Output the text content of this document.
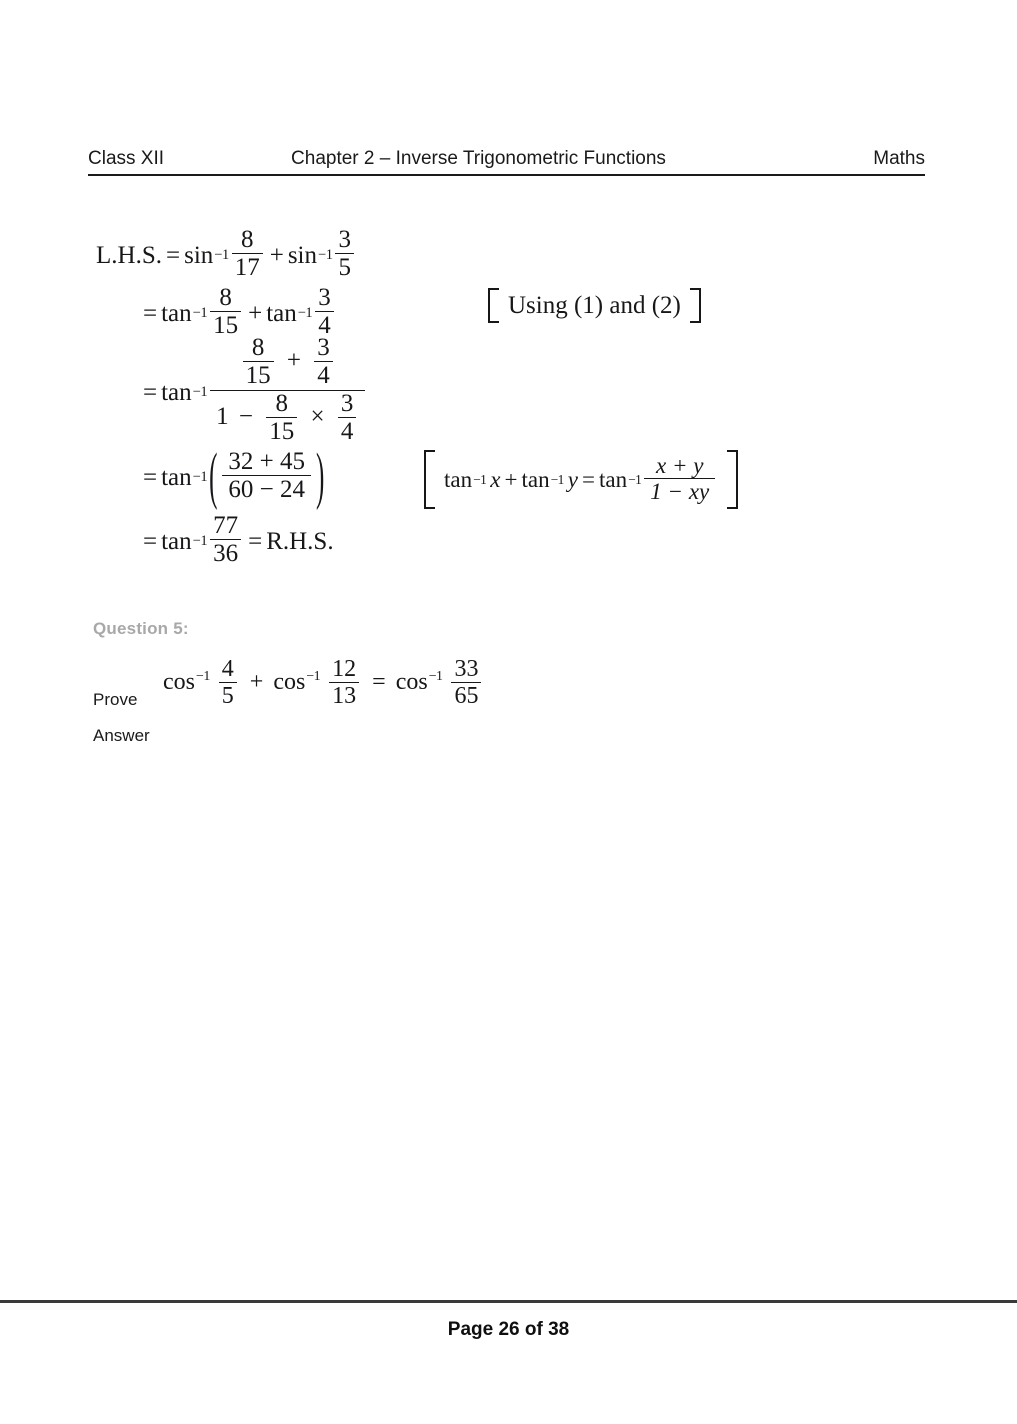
Class XII	Chapter 2 – Inverse Trigonometric Functions	Maths
L.H.S. = $\sin -1 \frac{8}{17} + \sin -1 \frac{3}{5}$
= $\tan -1 \frac{8}{15} + \tan -1 \frac{3}{4}$
= tan −1
$\frac{8}{15} + \frac{3}{4}$
$1 - \frac{8}{15} \times \frac{3}{4}$
= tan −1 ( $\frac{32 + 45}{60 - 24}$ )
= $\tan -1 \frac{77}{36} = R.H.S$.
Using (1) and (2)
tan −1 x + tan −1 $y = \tan -1 \frac{x + y}{1 - xy}$
Question 5:
$\cos^{-1} \frac{4}{5} + \cos^{-1} \frac{12}{13} = \cos^{-1} \frac{33}{65}$
Prove
Answer
Page 26 of 38
